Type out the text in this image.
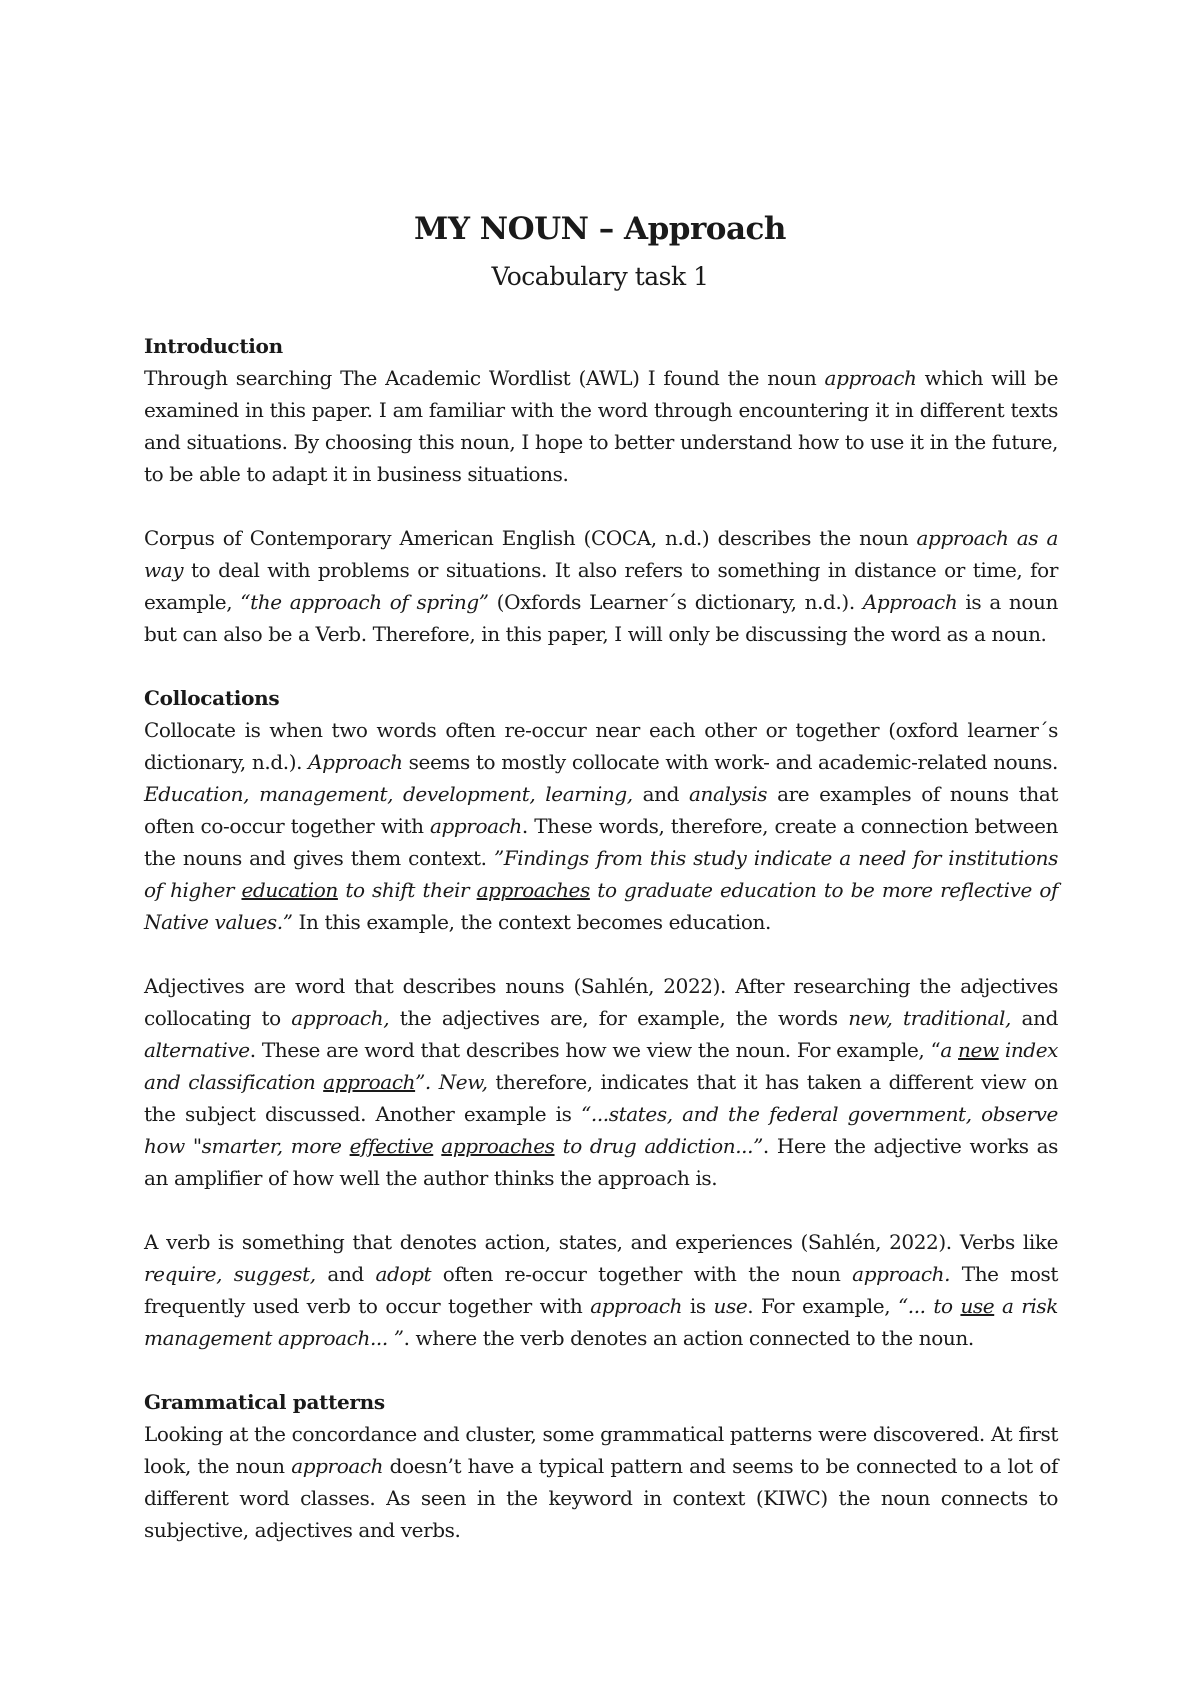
MY NOUN – Approach
Vocabulary task 1

Introduction

Through searching The Academic Wordlist (AWL) I found the noun approach which will be examined in this paper. I am familiar with the word through encountering it in different texts and situations. By choosing this noun, I hope to better understand how to use it in the future, to be able to adapt it in business situations.

Corpus of Contemporary American English (COCA, n.d.) describes the noun approach as a way to deal with problems or situations. It also refers to something in distance or time, for example, “the approach of spring” (Oxfords Learner´s dictionary, n.d.). Approach is a noun but can also be a Verb. Therefore, in this paper, I will only be discussing the word as a noun.

Collocations

Collocate is when two words often re-occur near each other or together (oxford learner´s dictionary, n.d.). Approach seems to mostly collocate with work- and academic-related nouns. Education, management, development, learning, and analysis are examples of nouns that often co-occur together with approach. These words, therefore, create a connection between the nouns and gives them context. ”Findings from this study indicate a need for institutions of higher education to shift their approaches to graduate education to be more reflective of Native values.” In this example, the context becomes education.

Adjectives are word that describes nouns (Sahlén, 2022). After researching the adjectives collocating to approach, the adjectives are, for example, the words new, traditional, and alternative. These are word that describes how we view the noun. For example, “a new index and classification approach”. New, therefore, indicates that it has taken a different view on the subject discussed. Another example is “...states, and the federal government, observe how "smarter, more effective approaches to drug addiction...”. Here the adjective works as an amplifier of how well the author thinks the approach is.

A verb is something that denotes action, states, and experiences (Sahlén, 2022). Verbs like require, suggest, and adopt often re-occur together with the noun approach. The most frequently used verb to occur together with approach is use. For example, “... to use a risk management approach... ”. where the verb denotes an action connected to the noun.

Grammatical patterns

Looking at the concordance and cluster, some grammatical patterns were discovered. At first look, the noun approach doesn’t have a typical pattern and seems to be connected to a lot of different word classes. As seen in the keyword in context (KIWC) the noun connects to subjective, adjectives and verbs.
